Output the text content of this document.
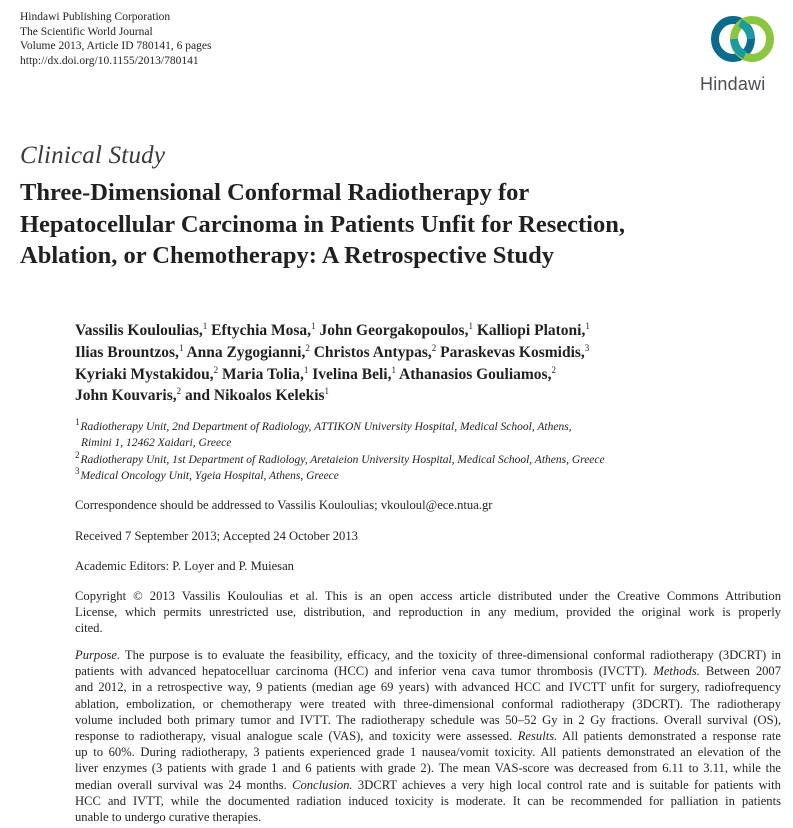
Hindawi Publishing Corporation
The Scientific World Journal
Volume 2013, Article ID 780141, 6 pages
http://dx.doi.org/10.1155/2013/780141
Hindawi
Clinical Study
Three-Dimensional Conformal Radiotherapy for
Hepatocellular Carcinoma in Patients Unfit for Resection,
Ablation, or Chemotherapy: A Retrospective Study
Vassilis Kouloulias,$^1$ Eftychia Mosa,$^1$ John Georgakopoulos,$^1$ Kalliopi Platoni,$^1$
Ilias Brountzos,$^1$ Anna Zygogianni,$^2$ Christos Antypas,$^2$ Paraskevas Kosmidis,$^3$
Kyriaki Mystakidou,$^2$ Maria Tolia,$^1$ Ivelina Beli,$^1$ Athanasios Gouliamos,$^2$
John Kouvaris,$^2$ and Nikoalos Kelekis$^1$
$^1$Radiotherapy Unit, 2nd Department of Radiology, ATTIKON University Hospital, Medical School, Athens,
Rimini 1, 12462 Xaidari, Greece
$^2$Radiotherapy Unit, 1st Department of Radiology, Aretaieion University Hospital, Medical School, Athens, Greece
$^3$Medical Oncology Unit, Ygeia Hospital, Athens, Greece
Correspondence should be addressed to Vassilis Kouloulias; vkouloul@ece.ntua.gr
Received 7 September 2013; Accepted 24 October 2013
Academic Editors: P. Loyer and P. Muiesan
Copyright © 2013 Vassilis Kouloulias et al. This is an open access article distributed under the Creative Commons Attribution
License, which permits unrestricted use, distribution, and reproduction in any medium, provided the original work is properly
cited.
Purpose. The purpose is to evaluate the feasibility, efficacy, and the toxicity of three-dimensional conformal radiotherapy (3DCRT) in
patients with advanced hepatocelluar carcinoma (HCC) and inferior vena cava tumor thrombosis (IVCTT). Methods. Between 2007
and 2012, in a retrospective way, 9 patients (median age 69 years) with advanced HCC and IVCTT unfit for surgery, radiofrequency
ablation, embolization, or chemotherapy were treated with three-dimensional conformal radiotherapy (3DCRT). The radiotherapy
volume included both primary tumor and IVTT. The radiotherapy schedule was 50–52 Gy in 2 Gy fractions. Overall survival (OS),
response to radiotherapy, visual analogue scale (VAS), and toxicity were assessed. Results. All patients demonstrated a response rate
up to 60%. During radiotherapy, 3 patients experienced grade 1 nausea/vomit toxicity. All patients demonstrated an elevation of the
liver enzymes (3 patients with grade 1 and 6 patients with grade 2). The mean VAS-score was decreased from 6.11 to 3.11, while the
median overall survival was 24 months. Conclusion. 3DCRT achieves a very high local control rate and is suitable for patients with
HCC and IVTT, while the documented radiation induced toxicity is moderate. It can be recommended for palliation in patients
unable to undergo curative therapies.
